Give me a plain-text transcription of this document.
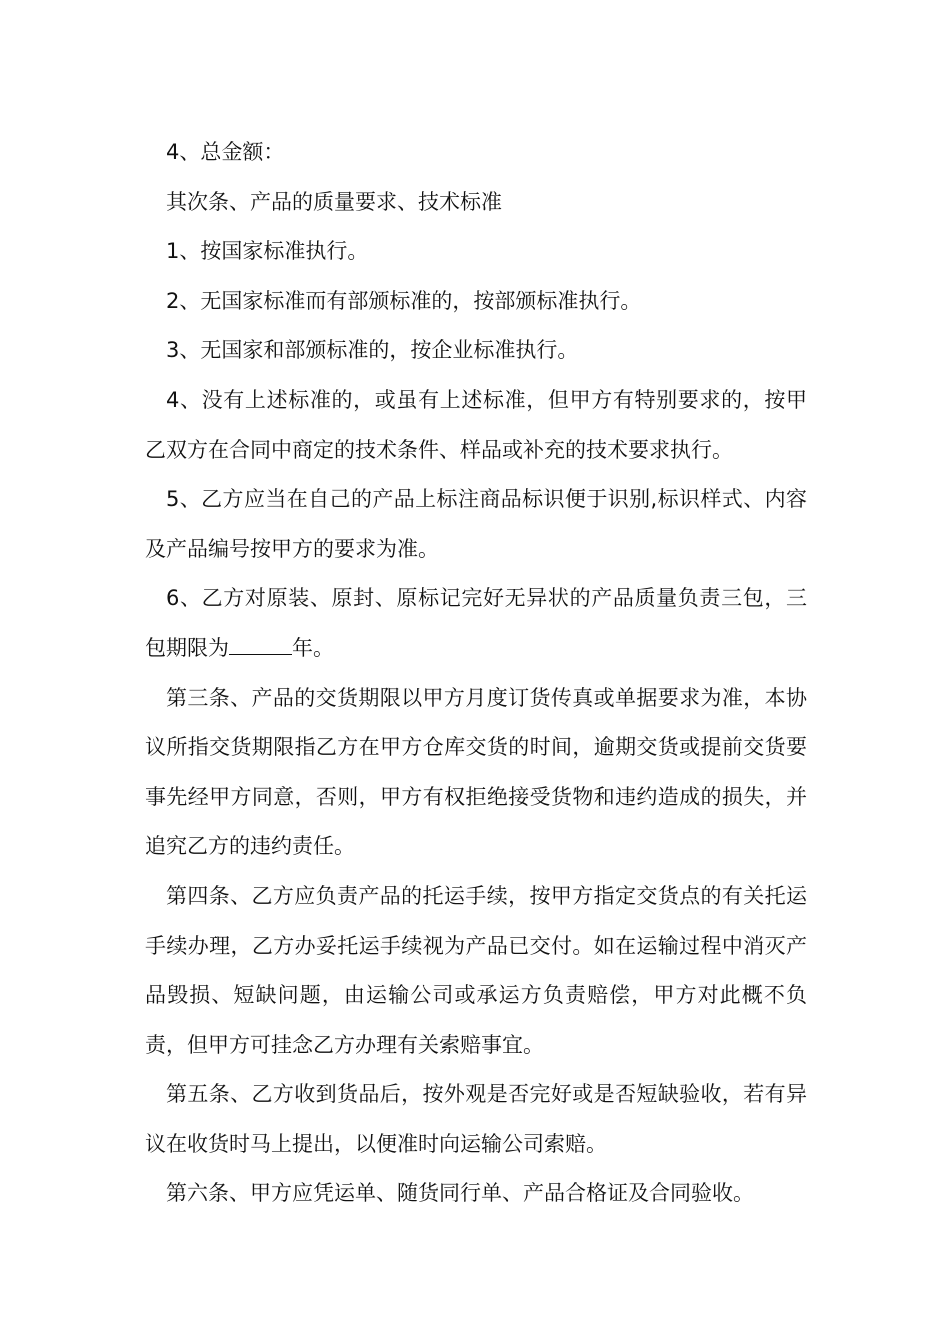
4、总金额：

其次条、产品的质量要求、技术标准

1、按国家标准执行。

2、无国家标准而有部颁标准的，按部颁标准执行。

3、无国家和部颁标准的，按企业标准执行。

4、没有上述标准的，或虽有上述标准，但甲方有特别要求的，按甲乙双方在合同中商定的技术条件、样品或补充的技术要求执行。

5、乙方应当在自己的产品上标注商品标识便于识别,标识样式、内容及产品编号按甲方的要求为准。

6、乙方对原装、原封、原标记完好无异状的产品质量负责三包，三包期限为	年。

第三条、产品的交货期限以甲方月度订货传真或单据要求为准，本协议所指交货期限指乙方在甲方仓库交货的时间，逾期交货或提前交货要事先经甲方同意，否则，甲方有权拒绝接受货物和违约造成的损失，并追究乙方的违约责任。

第四条、乙方应负责产品的托运手续，按甲方指定交货点的有关托运手续办理，乙方办妥托运手续视为产品已交付。如在运输过程中消灭产品毁损、短缺问题，由运输公司或承运方负责赔偿，甲方对此概不负责，但甲方可挂念乙方办理有关索赔事宜。

第五条、乙方收到货品后，按外观是否完好或是否短缺验收，若有异议在收货时马上提出，以便准时向运输公司索赔。

第六条、甲方应凭运单、随货同行单、产品合格证及合同验收。
